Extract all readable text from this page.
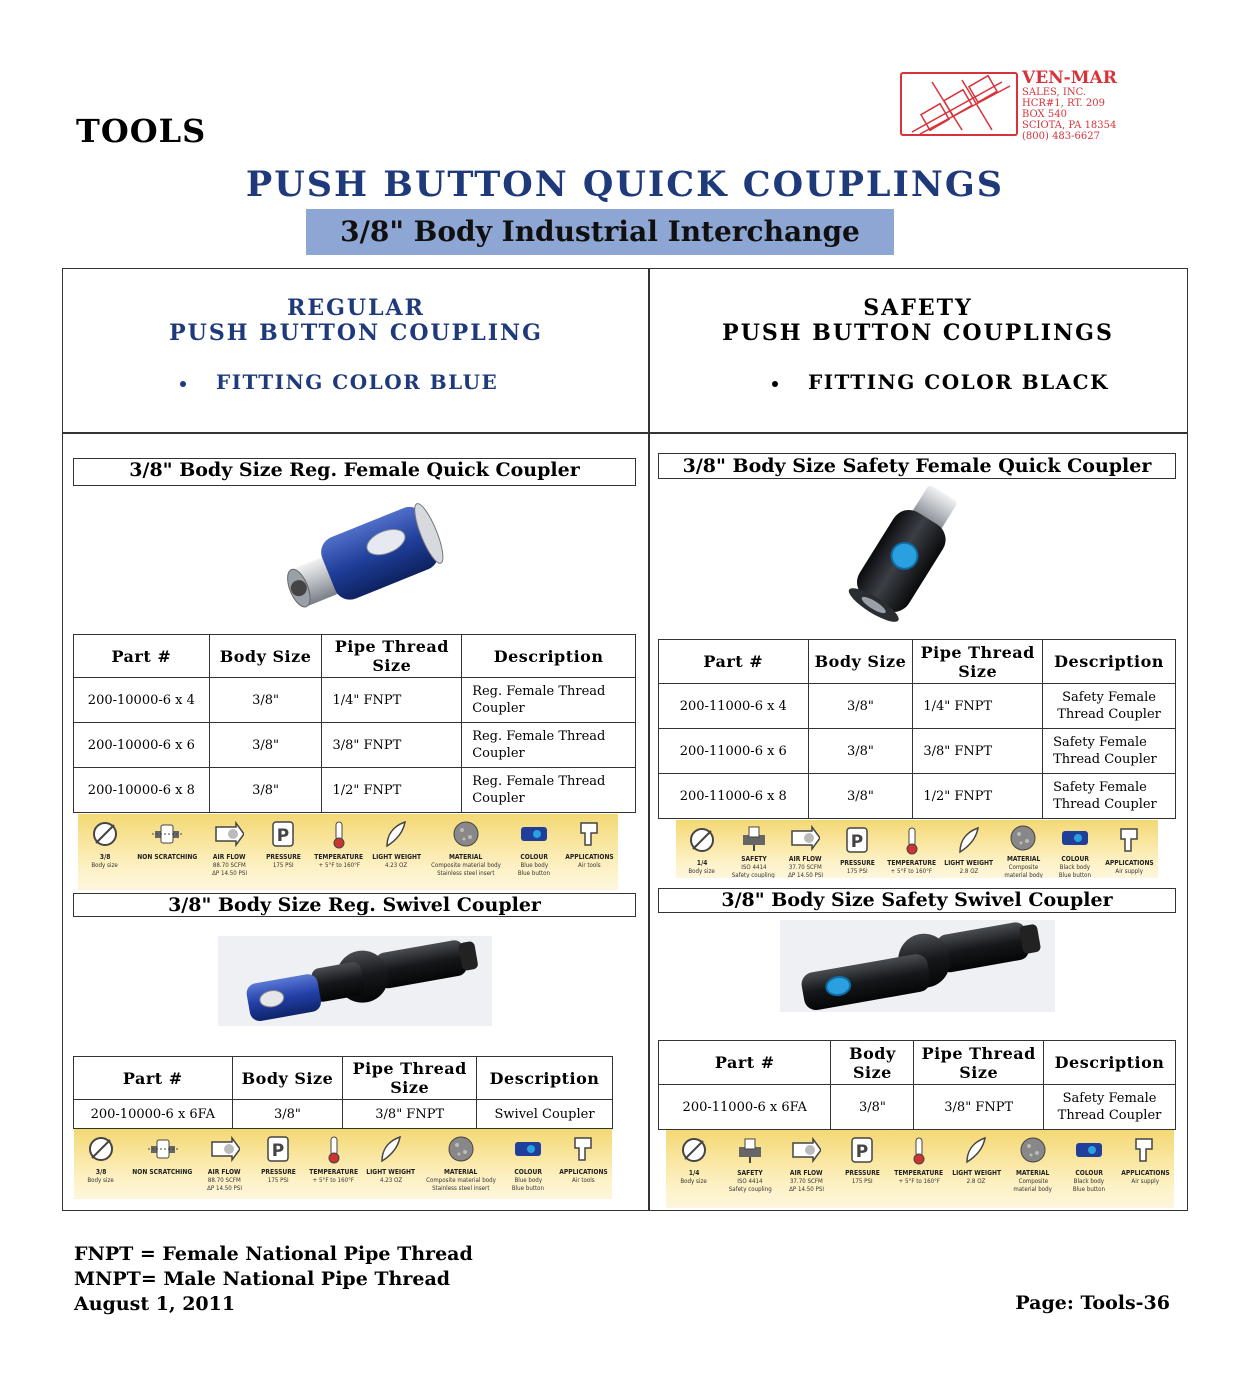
TOOLS
VEN-MAR
SALES, INC.
HCR#1, RT. 209
BOX 540
SCIOTA, PA 18354
(800) 483-6627
PUSH BUTTON QUICK COUPLINGS
3/8" Body Industrial Interchange
REGULAR
PUSH BUTTON COUPLING
FITTING COLOR BLUE
SAFETY
PUSH BUTTON COUPLINGS
FITTING COLOR BLACK
3/8" Body Size Reg. Female Quick Coupler
Part #	Body Size	Pipe Thread Size	Description
200-10000-6 x 4	3/8"	1/4" FNPT	Reg. Female Thread Coupler
200-10000-6 x 6	3/8"	3/8" FNPT	Reg. Female Thread Coupler
200-10000-6 x 8	3/8"	1/2" FNPT	Reg. Female Thread Coupler
3/8
Body size
NON SCRATCHING AIR FLOW
88.70 SCFM
ΔP 14.50 PSI
P
PRESSURE
175 PSI
TEMPERATURE
+ 5°F to 160°F
LIGHT WEIGHT
4.23 OZ
MATERIAL
Composite material body
Stainless steel insert
COLOUR
Blue body
Blue button
APPLICATIONS
Air tools
3/8" Body Size Reg. Swivel Coupler
Part #	Body Size	Pipe Thread Size	Description
200-10000-6 x 6FA	3/8"	3/8" FNPT	Swivel Coupler
3/8
Body size
NON SCRATCHING AIR FLOW
88.70 SCFM
ΔP 14.50 PSI
P
PRESSURE
175 PSI
TEMPERATURE
+ 5°F to 160°F
LIGHT WEIGHT
4.23 OZ
MATERIAL
Composite material body
Stainless steel insert
COLOUR
Blue body
Blue button
APPLICATIONS
Air tools
3/8" Body Size Safety Female Quick Coupler
Part #	Body Size	Pipe Thread Size	Description
200-11000-6 x 4	3/8"	1/4" FNPT	Safety Female Thread Coupler
200-11000-6 x 6	3/8"	3/8" FNPT	Safety Female Thread Coupler
200-11000-6 x 8	3/8"	1/2" FNPT	Safety Female Thread Coupler
1/4
Body size
SAFETY
ISO 4414
Safety coupling
AIR FLOW
37.70 SCFM
ΔP 14.50 PSI
P
PRESSURE
175 PSI
TEMPERATURE
+ 5°F to 160°F
LIGHT WEIGHT
2.8 OZ
MATERIAL
Composite
material body
COLOUR
Black body
Blue button
APPLICATIONS
Air supply
3/8" Body Size Safety Swivel Coupler
Part #	Body Size	Pipe Thread Size	Description
200-11000-6 x 6FA	3/8"	3/8" FNPT	Safety Female Thread Coupler
1/4
Body size
SAFETY
ISO 4414
Safety coupling
AIR FLOW
37.70 SCFM
ΔP 14.50 PSI
P
PRESSURE
175 PSI
TEMPERATURE
+ 5°F to 160°F
LIGHT WEIGHT
2.8 OZ
MATERIAL
Composite
material body
COLOUR
Black body
Blue button
APPLICATIONS
Air supply
FNPT = Female National Pipe Thread
MNPT= Male National Pipe Thread
August 1, 2011	Page: Tools-36
